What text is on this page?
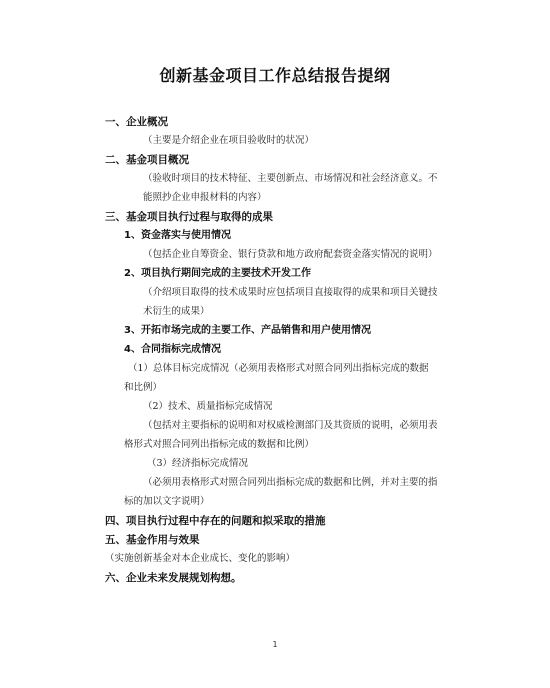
创新基金项目工作总结报告提纲
一、企业概况
（主要是介绍企业在项目验收时的状况）
二、基金项目概况
（验收时项目的技术特征、主要创新点、市场情况和社会经济意义。不
能照抄企业申报材料的内容）
三、基金项目执行过程与取得的成果
1、资金落实与使用情况
（包括企业自筹资金、银行贷款和地方政府配套资金落实情况的说明）
2、项目执行期间完成的主要技术开发工作
（介绍项目取得的技术成果时应包括项目直接取得的成果和项目关键技
术衍生的成果）
3、开拓市场完成的主要工作、产品销售和用户使用情况
4、合同指标完成情况
（1）总体目标完成情况（必须用表格形式对照合同列出指标完成的数据
和比例）
（2）技术、质量指标完成情况
（包括对主要指标的说明和对权威检测部门及其资质的说明，必须用表
格形式对照合同列出指标完成的数据和比例）
（3）经济指标完成情况
（必须用表格形式对照合同列出指标完成的数据和比例，并对主要的指
标的加以文字说明）
四、项目执行过程中存在的问题和拟采取的措施
五、基金作用与效果
（实施创新基金对本企业成长、变化的影响）
六、企业未来发展规划构想。
1
